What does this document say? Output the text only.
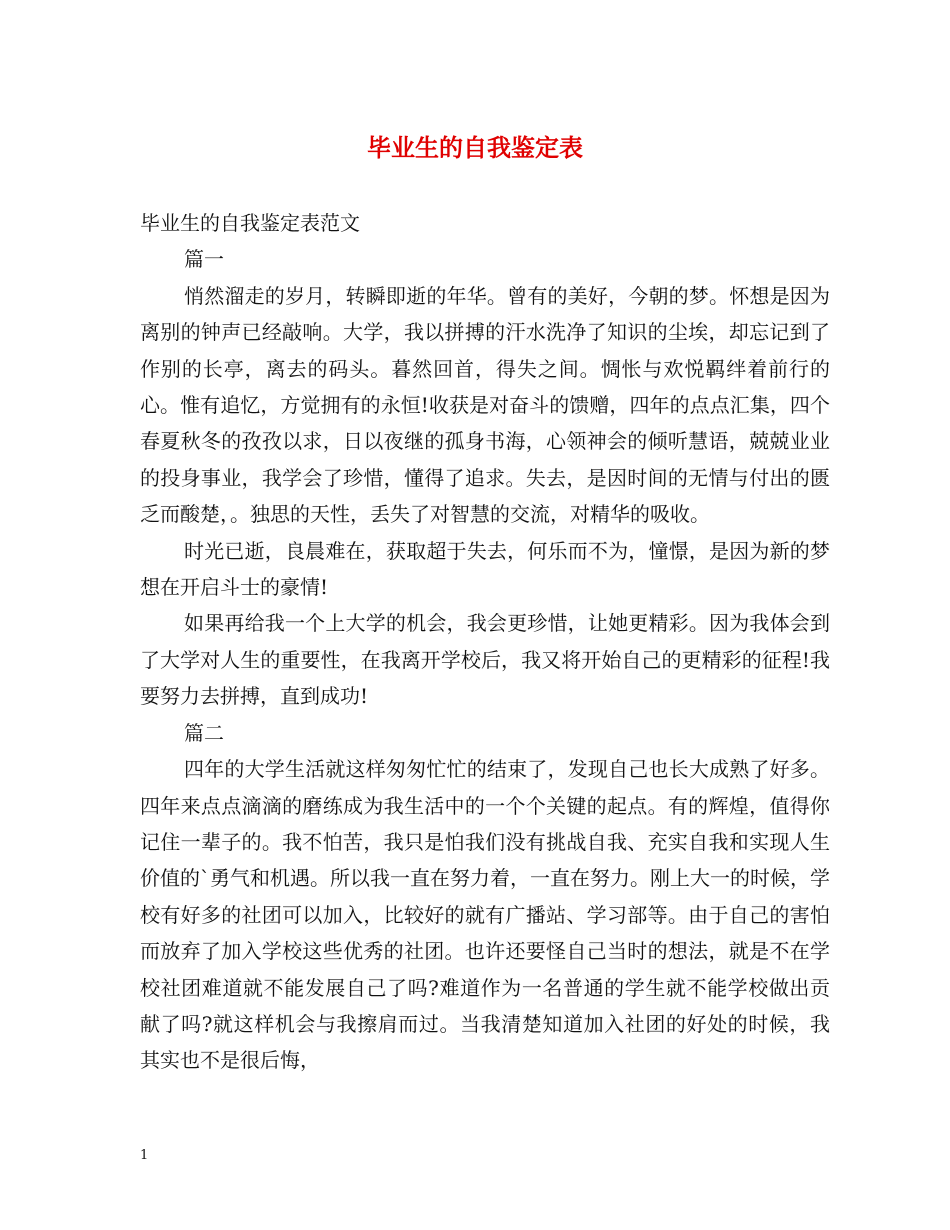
毕业生的自我鉴定表

毕业生的自我鉴定表范文

篇一

悄然溜走的岁月，转瞬即逝的年华。曾有的美好，今朝的梦。怀想是因为离别的钟声已经敲响。大学，我以拼搏的汗水洗净了知识的尘埃，却忘记到了作别的长亭，离去的码头。暮然回首，得失之间。惆怅与欢悦羁绊着前行的心。惟有追忆，方觉拥有的永恒!收获是对奋斗的馈赠，四年的点点汇集，四个春夏秋冬的孜孜以求，日以夜继的孤身书海，心领神会的倾听慧语，兢兢业业的投身事业，我学会了珍惜，懂得了追求。失去，是因时间的无情与付出的匮乏而酸楚，。独思的天性，丢失了对智慧的交流，对精华的吸收。

时光已逝，良晨难在，获取超于失去，何乐而不为，憧憬，是因为新的梦想在开启斗士的豪情!

如果再给我一个上大学的机会，我会更珍惜，让她更精彩。因为我体会到了大学对人生的重要性，在我离开学校后，我又将开始自己的更精彩的征程!我要努力去拼搏，直到成功!

篇二

四年的大学生活就这样匆匆忙忙的结束了，发现自己也长大成熟了好多。四年来点点滴滴的磨练成为我生活中的一个个关键的起点。有的辉煌，值得你记住一辈子的。我不怕苦，我只是怕我们没有挑战自我、充实自我和实现人生价值的`勇气和机遇。所以我一直在努力着，一直在努力。刚上大一的时候，学校有好多的社团可以加入，比较好的就有广播站、学习部等。由于自己的害怕而放弃了加入学校这些优秀的社团。也许还要怪自己当时的想法，就是不在学校社团难道就不能发展自己了吗?难道作为一名普通的学生就不能学校做出贡献了吗?就这样机会与我擦肩而过。当我清楚知道加入社团的好处的时候，我其实也不是很后悔，

1
